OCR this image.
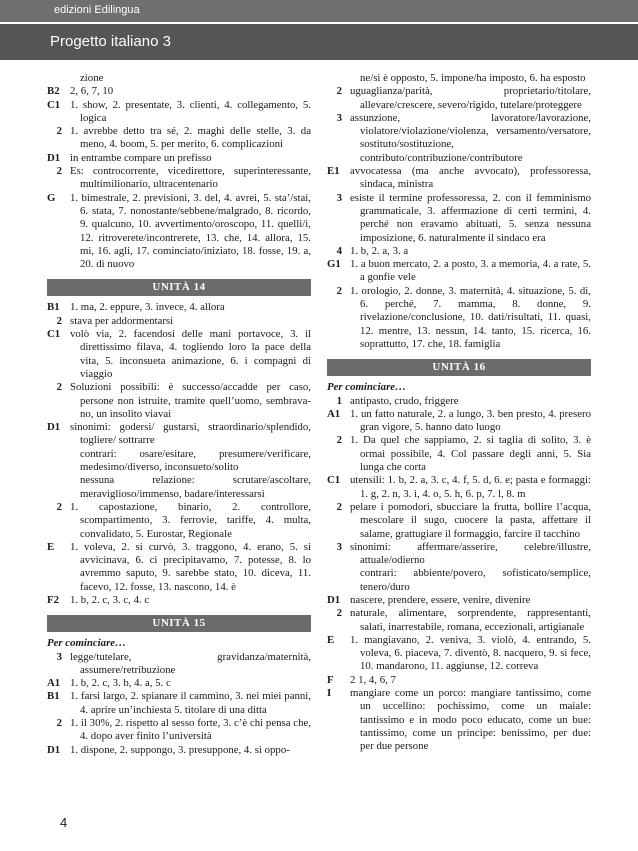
edizioni Edilingua
Progetto italiano 3
zione
B2 2, 6, 7, 10
C1 1. show, 2. presentate, 3. clienti, 4. collegamento, 5. logica
2 1. avrebbe detto tra sé, 2. maghi delle stelle, 3. da meno, 4. boom, 5. per merito, 6. complicazioni
D1 in entrambe compare un prefisso
2 Es: controcorrente, vicedirettore, superinteressante, multimilionario, ultracentenario
G	1. bimestrale, 2. previsioni, 3. del, 4. avrei, 5. sta’/stai, 6. stata, 7. nonostante/sebbene/malgrado, 8. ricordo, 9. qualcuno, 10. avvertimento/oroscopo, 11. quelli/i, 12. ritroverete/incontrerete, 13. che, 14. allora, 15. mi, 16. agli, 17. cominciato/iniziato, 18. fosse, 19. a, 20. di nuovo
UNITÀ 14
B1 1. ma, 2. eppure, 3. invece, 4. allora
2 stava per addormentarsi
C1 volò via, 2. facendosi delle mani portavoce, 3. il direttissimo filava, 4. togliendo loro la pace della vita, 5. inconsueta animazione, 6. i compagni di viaggio
2 Soluzioni possibili: è successo/accadde per caso, persone non istruite, tramite quell’uomo, sembrava-no, un insolito viavai
D1 sinonimi: godersi/ gustarsi, straordinario/splendido, togliere/ sottrarre
contrari: osare/esitare, presumere/verificare, medesimo/diverso, inconsueto/solito
nessuna relazione: scrutare/ascoltare, meraviglioso/immenso, badare/interessarsi
2 1. capostazione, binario, 2. controllore, scompartimento, 3. ferrovie, tariffe, 4. multa, convalidato, 5. Eurostar, Regionale
E	1. voleva, 2. si curvò, 3. traggono, 4. erano, 5. si avvicinava, 6. ci precipitavamo, 7. potesse, 8. lo avremmo saputo, 9. sarebbe stato, 10. diceva, 11. facevo, 12. fosse, 13. nascono, 14. è
F2	1. b, 2. c, 3. c, 4. c
UNITÀ 15
Per cominciare…
3 legge/tutelare, gravidanza/maternità, assumere/retribuzione
A1 1. b, 2. c, 3. b, 4. a, 5. c
B1 1. farsi largo, 2. spianare il cammino, 3. nei miei panni, 4. aprire un’inchiesta 5. titolare di una ditta
2 1. il 30%, 2. rispetto al sesso forte, 3. c’è chi pensa che, 4. dopo aver finito l’università
D1 1. dispone, 2. suppongo, 3. presuppone, 4. si oppo-
ne/si è opposto, 5. impone/ha imposto, 6. ha esposto
2 uguaglianza/parità, proprietario/titolare, allevare/crescere, severo/rigido, tutelare/proteggere
3 assunzione, lavoratore/lavorazione, violatore/violazione/violenza, versamento/versatore, sostituto/sostituzione, contributo/contribuzione/contributore
E1 avvocatessa (ma anche avvocato), professoressa, sindaca, ministra
3 esiste il termine professoressa, 2. con il femminismo grammaticale, 3. affermazione di certi termini, 4. perché non eravamo abituati, 5. senza nessuna imposizione, 6. naturalmente il sindaco era
4 1. b, 2. a, 3. a
G1 1. a buon mercato, 2. a posto, 3. a memoria, 4. a rate, 5. a gonfie vele
2 1. orologio, 2. donne, 3. maternità, 4. situazione, 5. di, 6. perché, 7. mamma, 8. donne, 9. rivelazione/conclusione, 10. dati/risultati, 11. quasi, 12. mentre, 13. nessun, 14. tanto, 15. ricerca, 16. soprattutto, 17. che, 18. famiglia
UNITÀ 16
Per cominciare…
1 antipasto, crudo, friggere
A1 1. un fatto naturale, 2. a lungo, 3. ben presto, 4. presero gran vigore, 5. hanno dato luogo
2 1. Da quel che sappiamo, 2. si taglia di solito, 3. è ormai possibile, 4. Col passare degli anni, 5. Sia lunga che corta
C1 utensili: 1. b, 2. a, 3. c, 4. f, 5. d, 6. e; pasta e formaggi: 1. g, 2. n, 3. i, 4. o, 5. h, 6. p, 7. l, 8. m
2 pelare i pomodori, sbucciare la frutta, bollire l’acqua, mescolare il sugo, cuocere la pasta, affettare il salame, grattugiare il formaggio, farcire il tacchino
3 sinonimi: affermare/asserire, celebre/illustre, attuale/odierno
contrari: abbiente/povero, sofisticato/semplice, tenero/duro
D1 nascere, prendere, essere, venire, divenire
2 naturale, alimentare, sorprendente, rappresentanti, salati, inarrestabile, romana, eccezionali, artigianale
E	1. mangiavano, 2. veniva, 3. violò, 4. entrando, 5. voleva, 6. piaceva, 7. diventò, 8. nacquero, 9. si fece, 10. mandarono, 11. aggiunse, 12. correva
F	2 1, 4, 6, 7
I	mangiare come un porco: mangiare tantissimo, come un uccellino: pochissimo, come un maiale: tantissimo e in modo poco educato, come un bue: tantissimo, come un principe: benissimo, per due: per due persone
4
